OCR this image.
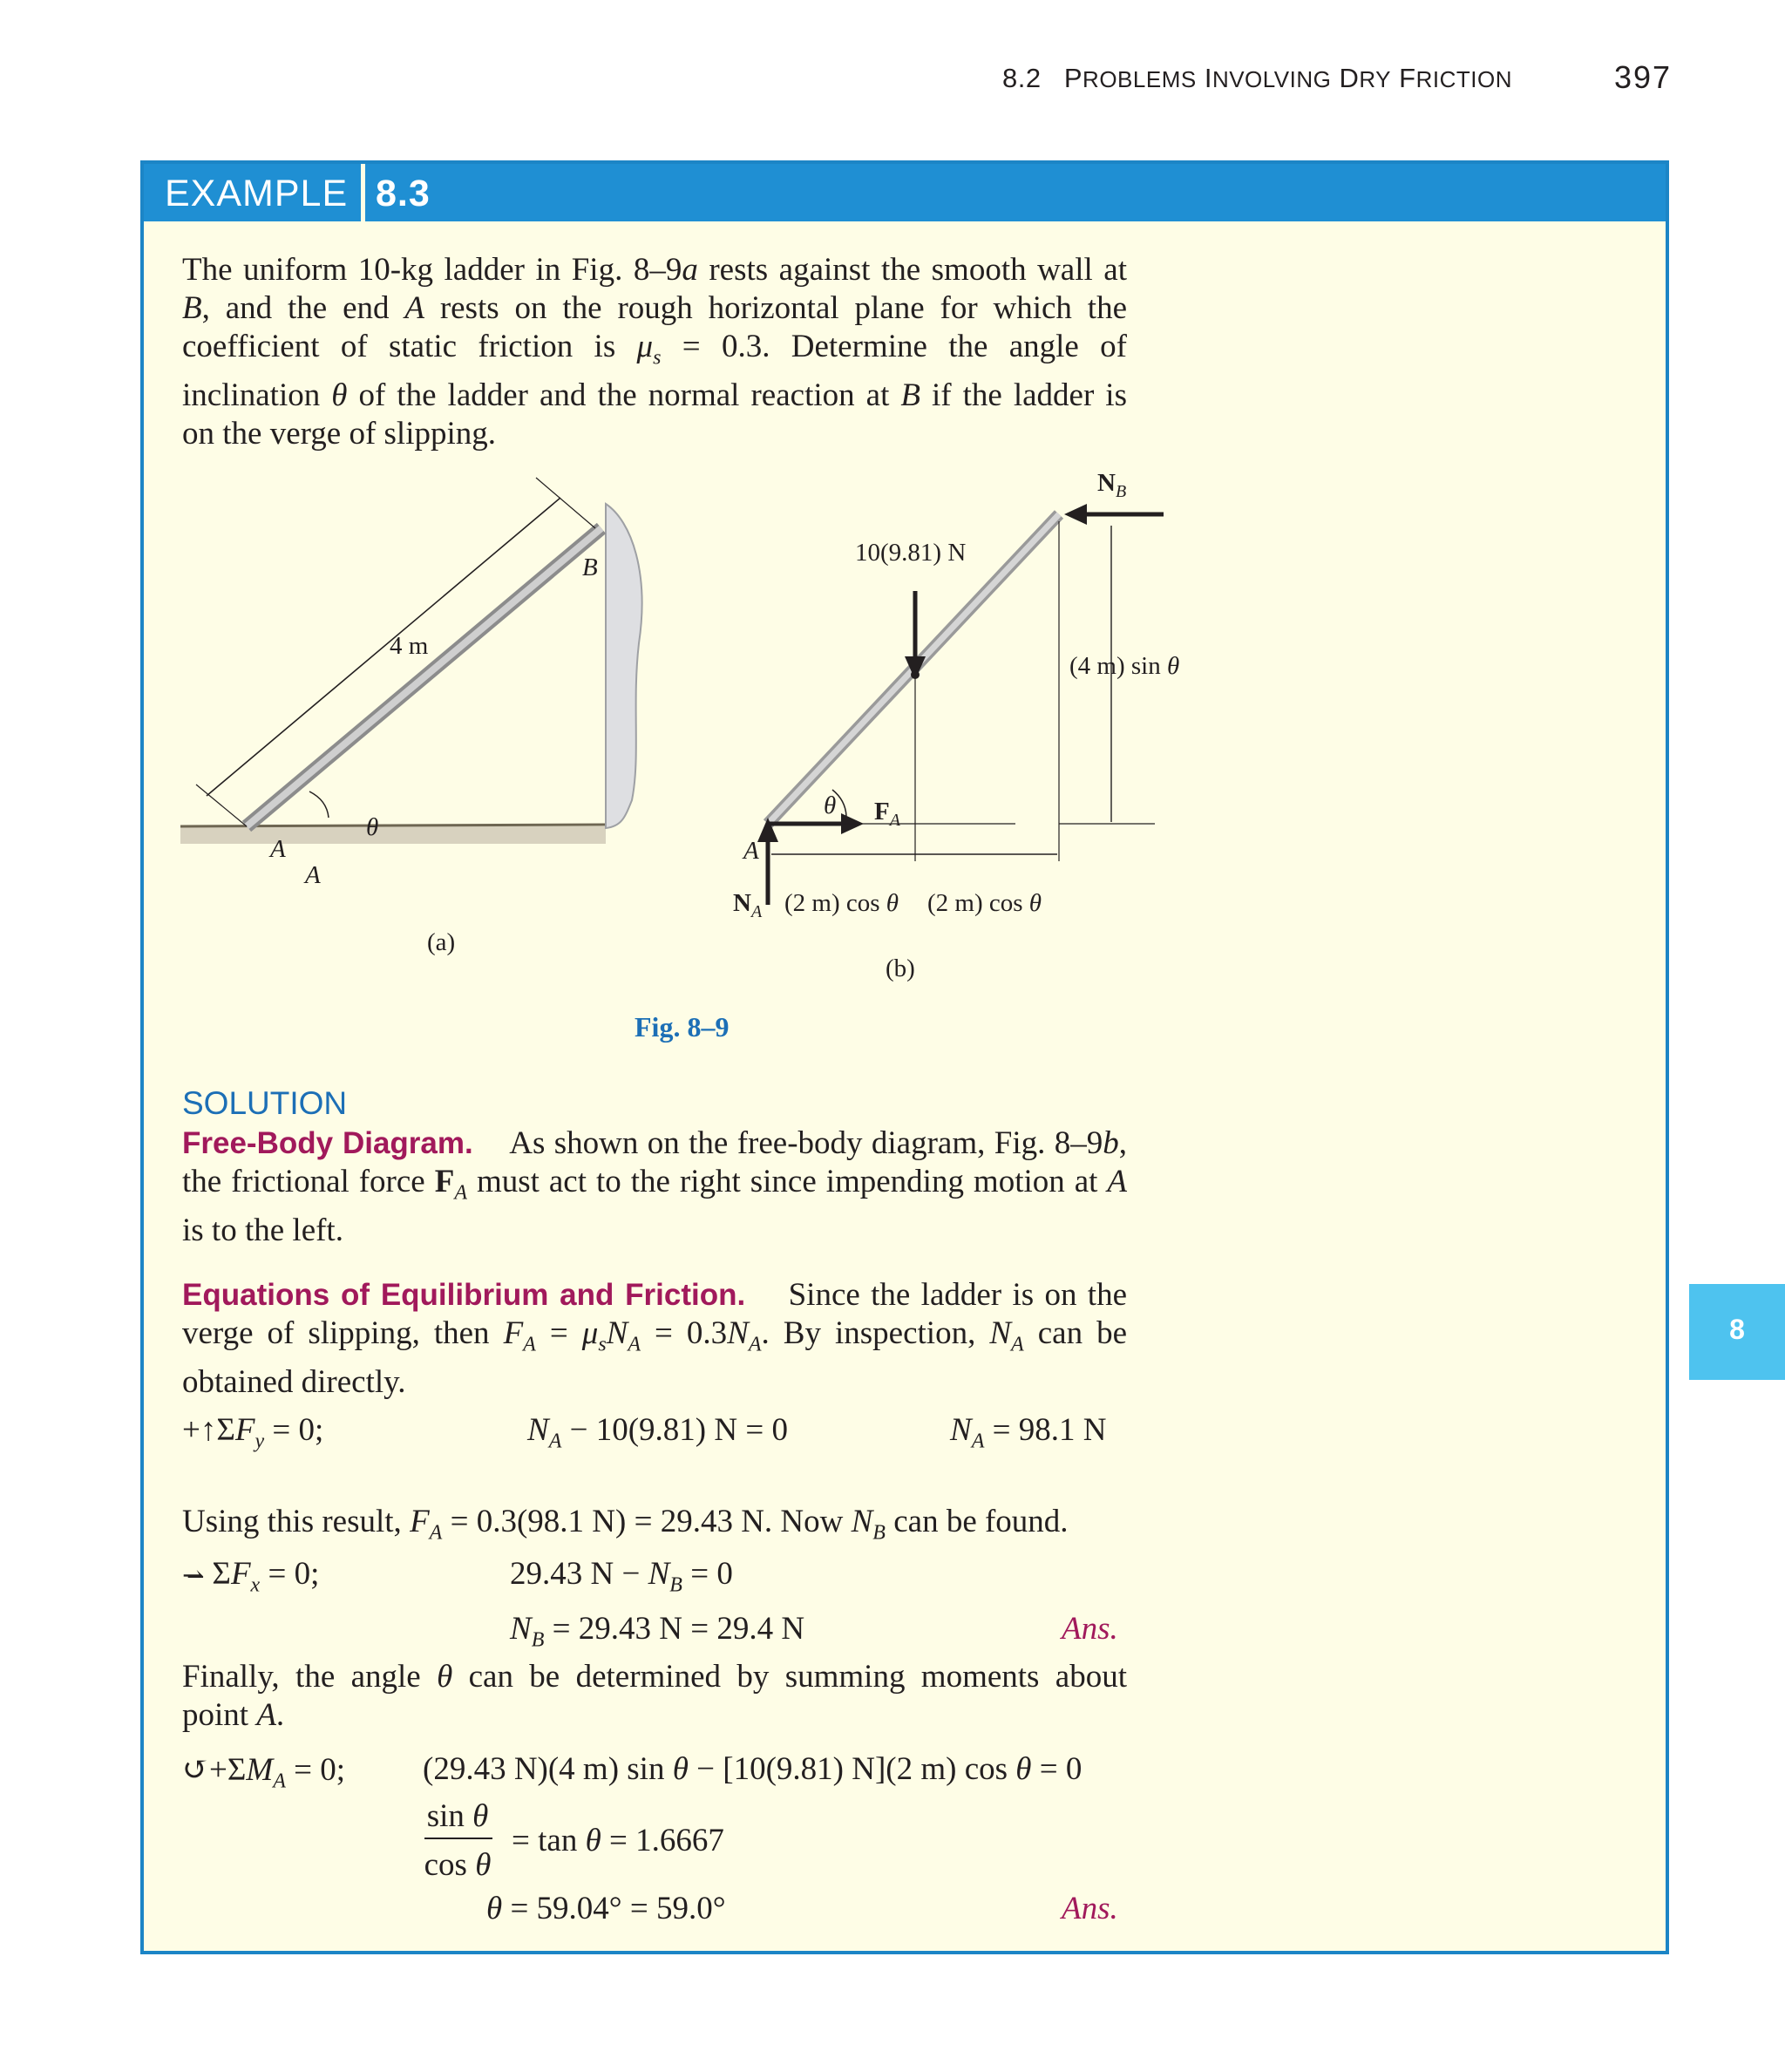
8.2 PROBLEMS INVOLVING DRY FRICTION	397
8
EXAMPLE 8.3
The uniform 10-kg ladder in Fig. 8–9a rests against the smooth wall at
B, and the end A rests on the rough horizontal plane for which the
coefficient of static friction is $\mu_s = 0.3$. Determine the angle of
inclination θ of the ladder and the normal reaction at B if the ladder is
on the verge of slipping.
4 m
B
A
A
θ
(a)
10(9.81) N
$N_B$
(4 m) sin θ
$F_A$
θ
A
$N_A$ (2 m) cos θ (2 m) cos θ
(b)
Fig. 8–9
SOLUTION
Free-Body Diagram.    As shown on the free-body diagram, Fig. 8–9b,
the frictional force $F_A$ must act to the right since impending motion at A
is to the left.
Equations of Equilibrium and Friction.    Since the ladder is on the
verge of slipping, then $F_A = \mu_sN_A = 0.3N_A$. By inspection, $N_A$ can be
obtained directly.
$+↑\Sigma F_y = 0$;	$N_A - 10(9.81) N = 0$	$N_A = 98.1$ N
Using this result, $F_A = 0.3(98.1$ N) = 29.43 N. Now $N_B$ can be found.
⇀̶ $\Sigma F_x = 0$;	29.43 $N - N_B = 0$
$N_B = 29.43$ N = 29.4 N	Ans.
Finally, the angle θ can be determined by summing moments about
point A.
$↺+\Sigma M_A = 0$; (29.43 N)(4 m) sin θ − [10(9.81) N](2 m) cos θ = 0
sin θ
cos θ
= tan θ = 1.6667
θ = 59.04° = 59.0°	Ans.
